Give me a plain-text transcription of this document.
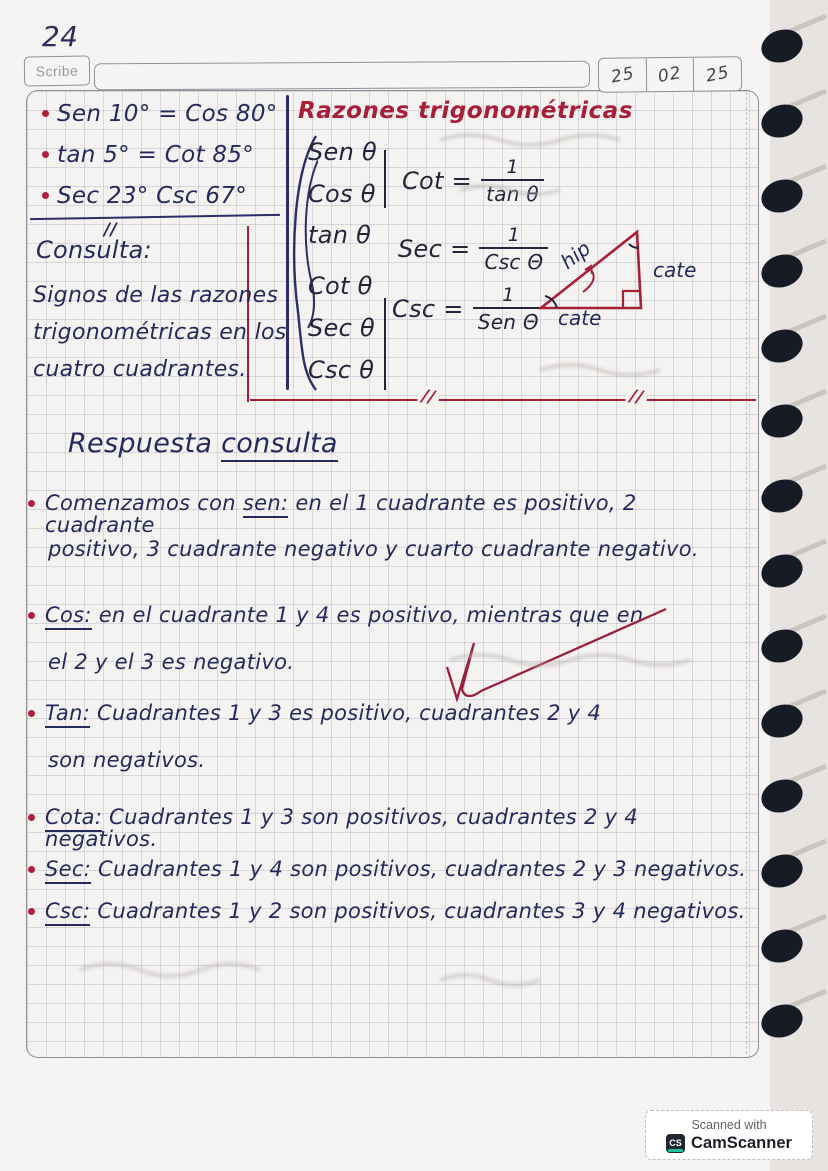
24
Scribe	25 02 25
Sen 10° = Cos 80°
tan 5° = Cot 85°
Sec 23° Csc 67°
//
//	//
Razones trigonométricas
Sen θ
Cos θ
tan θ
Cot θ
Sec θ
Csc θ
Cot = $\frac{1}{\text{tan θ}}$
Sec = $\frac{1}{\text{Csc Θ}}$
Csc = $\frac{1}{\text{Sen Θ}}$
hip	cate
cate
Consulta:
Signos de las razones
trigonométricas en los
cuatro cuadrantes.
Respuesta consulta
Comenzamos con sen: en el 1 cuadrante es positivo, 2 cuadrante
positivo, 3 cuadrante negativo y cuarto cuadrante negativo.
Cos: en el cuadrante 1 y 4 es positivo, mientras que en
el 2 y el 3 es negativo.
Tan: Cuadrantes 1 y 3 es positivo, cuadrantes 2 y 4
son negativos.
Cota: Cuadrantes 1 y 3 son positivos, cuadrantes 2 y 4 negativos.
Sec: Cuadrantes 1 y 4 son positivos, cuadrantes 2 y 3 negativos.
Csc: Cuadrantes 1 y 2 son positivos, cuadrantes 3 y 4 negativos.
Scanned with
CS CamScanner
